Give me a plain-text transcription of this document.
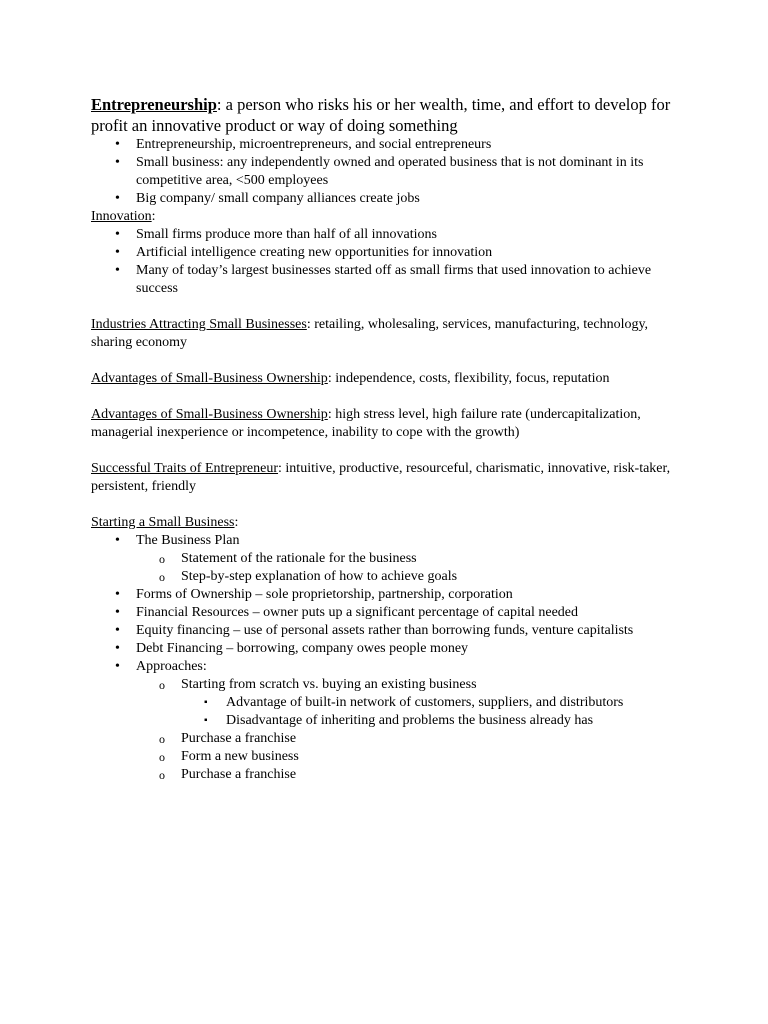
Entrepreneurship: a person who risks his or her wealth, time, and effort to develop for profit an innovative product or way of doing something
• Entrepreneurship, microentrepreneurs, and social entrepreneurs
• Small business: any independently owned and operated business that is not dominant in its competitive area, <500 employees
• Big company/ small company alliances create jobs
Innovation:
• Small firms produce more than half of all innovations
• Artificial intelligence creating new opportunities for innovation
• Many of today’s largest businesses started off as small firms that used innovation to achieve success
Industries Attracting Small Businesses: retailing, wholesaling, services, manufacturing, technology, sharing economy
Advantages of Small-Business Ownership: independence, costs, flexibility, focus, reputation
Advantages of Small-Business Ownership: high stress level, high failure rate (undercapitalization, managerial inexperience or incompetence, inability to cope with the growth)
Successful Traits of Entrepreneur: intuitive, productive, resourceful, charismatic, innovative, risk-taker, persistent, friendly
Starting a Small Business:
• The Business Plan
o Statement of the rationale for the business
o Step-by-step explanation of how to achieve goals
• Forms of Ownership – sole proprietorship, partnership, corporation
• Financial Resources – owner puts up a significant percentage of capital needed
• Equity financing – use of personal assets rather than borrowing funds, venture capitalists
• Debt Financing – borrowing, company owes people money
• Approaches:
o Starting from scratch vs. buying an existing business
▪ Advantage of built-in network of customers, suppliers, and distributors
▪ Disadvantage of inheriting and problems the business already has
o Purchase a franchise
o Form a new business
o Purchase a franchise
